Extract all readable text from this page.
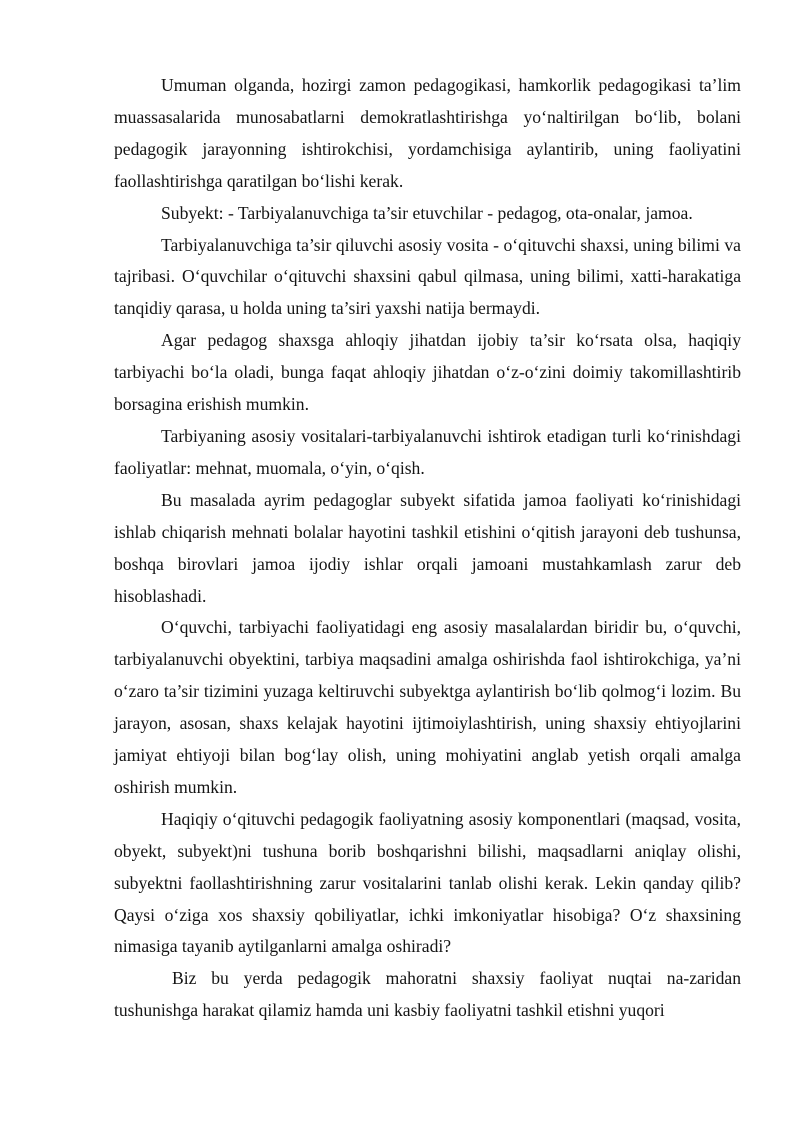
Umuman olganda, hozirgi zamon pedagogikasi, hamkorlik pedagogikasi ta’lim muassasalarida munosabatlarni demokratlashtirishga yo‘naltirilgan bo‘lib, bolani pedagogik jarayonning ishtirokchisi, yordamchisiga aylantirib, uning faoliyatini faollashtirishga qaratilgan bo‘lishi kerak.

Subyekt: - Tarbiyalanuvchiga ta’sir etuvchilar - pedagog, ota-onalar, jamoa.

Tarbiyalanuvchiga ta’sir qiluvchi asosiy vosita - o‘qituvchi shaxsi, uning bilimi va tajribasi. O‘quvchilar o‘qituvchi shaxsini qabul qilmasa, uning bilimi, xatti-harakatiga tanqidiy qarasa, u holda uning ta’siri yaxshi natija bermaydi.

Agar pedagog shaxsga ahloqiy jihatdan ijobiy ta’sir ko‘rsata olsa, haqiqiy tarbiyachi bo‘la oladi, bunga faqat ahloqiy jihatdan o‘z-o‘zini doimiy takomillashtirib borsagina erishish mumkin.

Tarbiyaning asosiy vositalari-tarbiyalanuvchi ishtirok etadigan turli ko‘rinishdagi faoliyatlar: mehnat, muomala, o‘yin, o‘qish.

Bu masalada ayrim pedagoglar subyekt sifatida jamoa faoliyati ko‘rinishidagi ishlab chiqarish mehnati bolalar hayotini tashkil etishini o‘qitish jarayoni deb tushunsa, boshqa birovlari jamoa ijodiy ishlar orqali jamoani mustahkamlash zarur deb hisoblashadi.

O‘quvchi, tarbiyachi faoliyatidagi eng asosiy masalalardan biridir bu, o‘quvchi, tarbiyalanuvchi obyektini, tarbiya maqsadini amalga oshirishda faol ishtirokchiga, ya’ni o‘zaro ta’sir tizimini yuzaga keltiruvchi subyektga aylantirish bo‘lib qolmog‘i lozim. Bu jarayon, asosan, shaxs kelajak hayotini ijtimoiylashtirish, uning shaxsiy ehtiyojlarini jamiyat ehtiyoji bilan bog‘lay olish, uning mohiyatini anglab yetish orqali amalga oshirish mumkin.

Haqiqiy o‘qituvchi pedagogik faoliyatning asosiy komponentlari (maqsad, vosita, obyekt, subyekt)ni tushuna borib boshqarishni bilishi, maqsadlarni aniqlay olishi, subyektni faollashtirishning zarur vositalarini tanlab olishi kerak. Lekin qanday qilib? Qaysi o‘ziga xos shaxsiy qobiliyatlar, ichki imkoniyatlar hisobiga? O‘z shaxsining nimasiga tayanib aytilganlarni amalga oshiradi?

Biz bu yerda pedagogik mahoratni shaxsiy faoliyat nuqtai na-zaridan tushunishga harakat qilamiz hamda uni kasbiy faoliyatni tashkil etishni yuqori
